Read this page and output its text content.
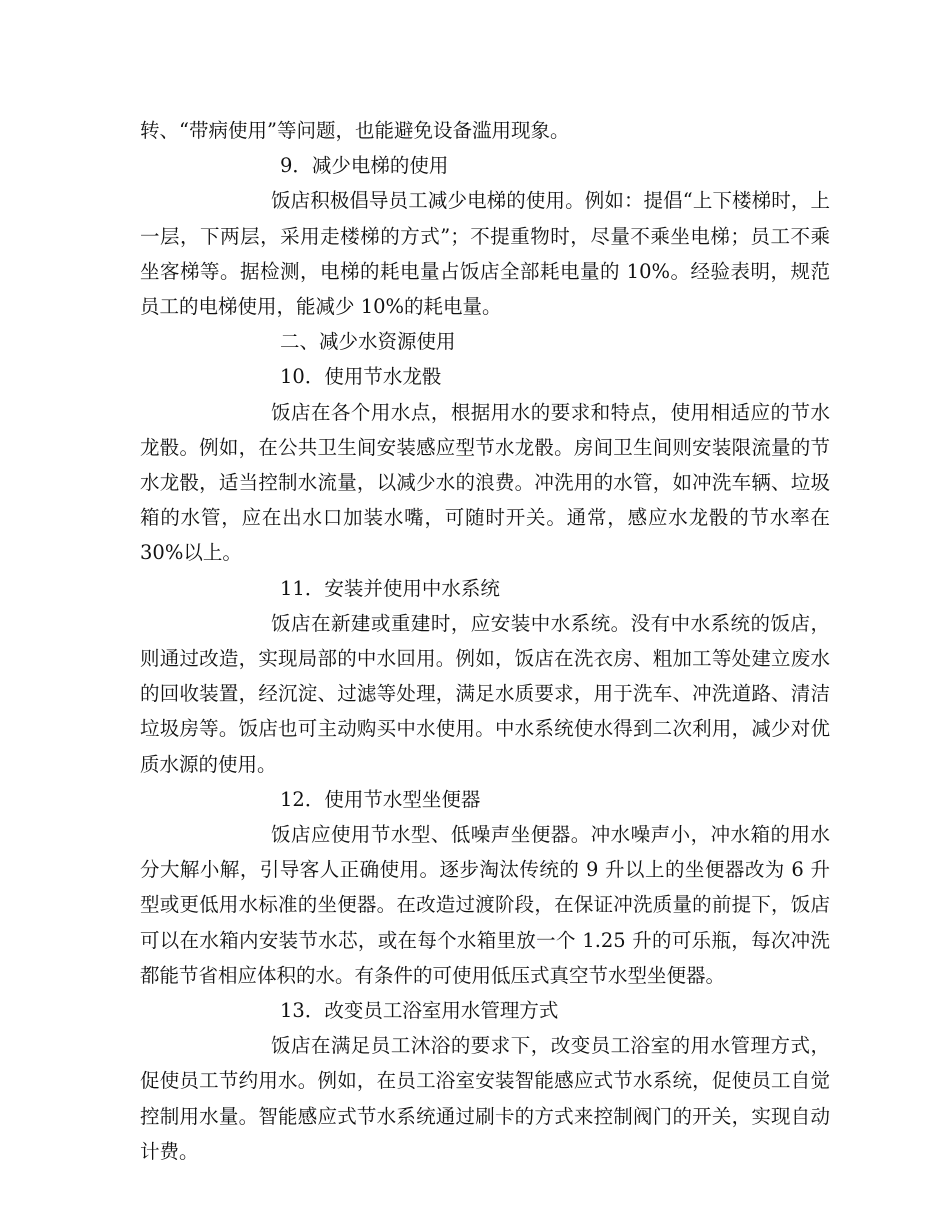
转、“带病使用”等问题，也能避免设备滥用现象。

9．减少电梯的使用

饭店积极倡导员工减少电梯的使用。例如：提倡“上下楼梯时，上一层，下两层，采用走楼梯的方式”；不提重物时，尽量不乘坐电梯；员工不乘坐客梯等。据检测，电梯的耗电量占饭店全部耗电量的 10%。经验表明，规范员工的电梯使用，能减少 10%的耗电量。

二、减少水资源使用

10．使用节水龙骰

饭店在各个用水点，根据用水的要求和特点，使用相适应的节水龙骰。例如，在公共卫生间安装感应型节水龙骰。房间卫生间则安装限流量的节水龙骰，适当控制水流量，以减少水的浪费。冲洗用的水管，如冲洗车辆、垃圾箱的水管，应在出水口加装水嘴，可随时开关。通常，感应水龙骰的节水率在 30%以上。

11．安装并使用中水系统

饭店在新建或重建时，应安装中水系统。没有中水系统的饭店，则通过改造，实现局部的中水回用。例如，饭店在洗衣房、粗加工等处建立废水的回收装置，经沉淀、过滤等处理，满足水质要求，用于洗车、冲洗道路、清洁垃圾房等。饭店也可主动购买中水使用。中水系统使水得到二次利用，减少对优质水源的使用。

12．使用节水型坐便器

饭店应使用节水型、低噪声坐便器。冲水噪声小，冲水箱的用水分大解小解，引导客人正确使用。逐步淘汰传统的 9 升以上的坐便器改为 6 升型或更低用水标准的坐便器。在改造过渡阶段，在保证冲洗质量的前提下，饭店可以在水箱内安装节水芯，或在每个水箱里放一个 1.25 升的可乐瓶，每次冲洗都能节省相应体积的水。有条件的可使用低压式真空节水型坐便器。

13．改变员工浴室用水管理方式

饭店在满足员工沐浴的要求下，改变员工浴室的用水管理方式，促使员工节约用水。例如，在员工浴室安装智能感应式节水系统，促使员工自觉控制用水量。智能感应式节水系统通过刷卡的方式来控制阀门的开关，实现自动计费。
